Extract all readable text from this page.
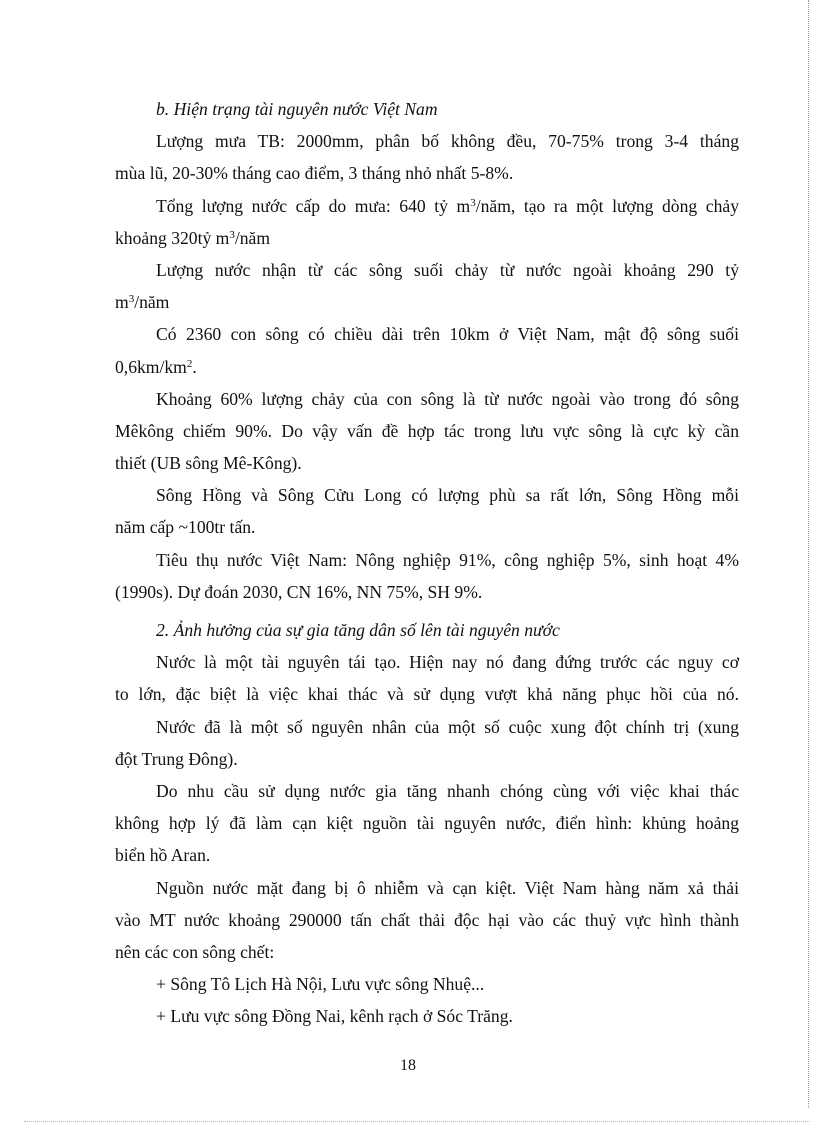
b. Hiện trạng tài nguyên nước Việt Nam
Lượng mưa TB: 2000mm, phân bố không đều, 70-75% trong 3-4 tháng
mùa lũ, 20-30% tháng cao điểm, 3 tháng nhỏ nhất 5-8%.
Tổng lượng nước cấp do mưa: 640 tỷ $m^3$/năm, tạo ra một lượng dòng chảy
khoảng 320tỷ $m^3$/năm
Lượng nước nhận từ các sông suối chảy từ nước ngoài khoảng 290 tỷ
$m^3$/năm
Có 2360 con sông có chiều dài trên 10km ở Việt Nam, mật độ sông suối
$0,6km/km^2$.
Khoảng 60% lượng chảy của con sông là từ nước ngoài vào trong đó sông
Mêkông chiếm 90%. Do vậy vấn đề hợp tác trong lưu vực sông là cực kỳ cần
thiết (UB sông Mê-Kông).
Sông Hồng và Sông Cửu Long có lượng phù sa rất lớn, Sông Hồng mỗi
năm cấp ~100tr tấn.
Tiêu thụ nước Việt Nam: Nông nghiệp 91%, công nghiệp 5%, sinh hoạt 4%
(1990s). Dự đoán 2030, CN 16%, NN 75%, SH 9%.
2. Ảnh hưởng của sự gia tăng dân số lên tài nguyên nước
Nước là một tài nguyên tái tạo. Hiện nay nó đang đứng trước các nguy cơ
to lớn, đặc biệt là việc khai thác và sử dụng vượt khả năng phục hồi của nó.
Nước đã là một số nguyên nhân của một số cuộc xung đột chính trị (xung
đột Trung Đông).
Do nhu cầu sử dụng nước gia tăng nhanh chóng cùng với việc khai thác
không hợp lý đã làm cạn kiệt nguồn tài nguyên nước, điển hình: khủng hoảng
biển hồ Aran.
Nguồn nước mặt đang bị ô nhiễm và cạn kiệt. Việt Nam hàng năm xả thải
vào MT nước khoảng 290000 tấn chất thải độc hại vào các thuỷ vực hình thành
nên các con sông chết:
+ Sông Tô Lịch Hà Nội, Lưu vực sông Nhuệ...
+ Lưu vực sông Đồng Nai, kênh rạch ở Sóc Trăng.
18
